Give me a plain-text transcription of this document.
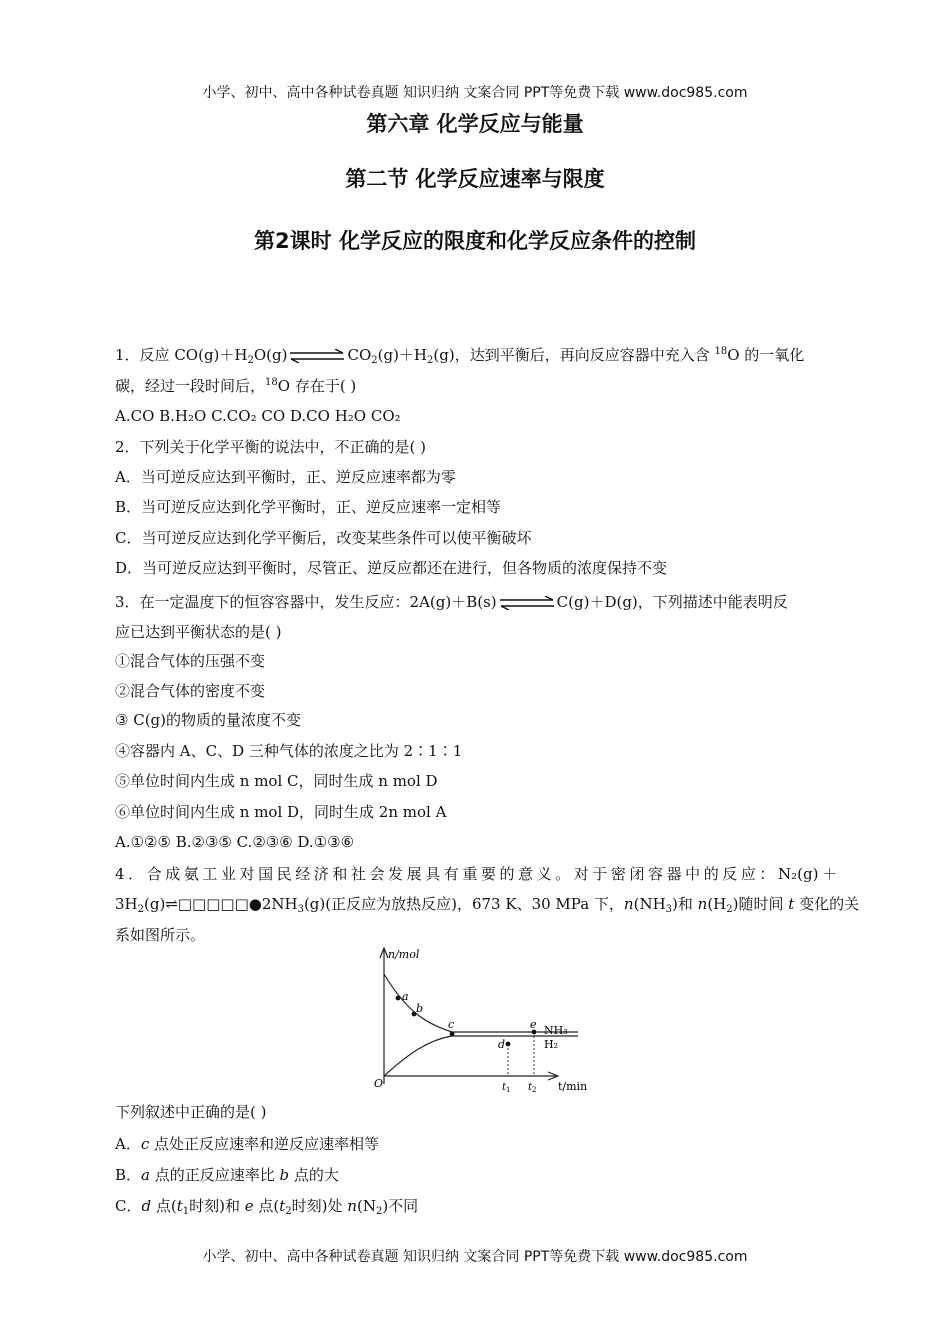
小学、初中、高中各种试卷真题 知识归纳 文案合同 PPT等免费下载 www.doc985.com
第六章 化学反应与能量
第二节 化学反应速率与限度
第2课时 化学反应的限度和化学反应条件的控制
1．反应 $CO(g)+H_2O(g)$ ⇌ $CO_2(g)+H_2(g)$，达到平衡后，再向反应容器中充入含 $^{18}$O 的一氧化
碳，经过一段时间后，$^{18}$O 存在于( )
A.CO B.H₂O C.CO₂ CO D.CO H₂O CO₂
2．下列关于化学平衡的说法中，不正确的是( )
A．当可逆反应达到平衡时，正、逆反应速率都为零
B．当可逆反应达到化学平衡时，正、逆反应速率一定相等
C．当可逆反应达到化学平衡后，改变某些条件可以使平衡破坏
D．当可逆反应达到平衡时，尽管正、逆反应都还在进行，但各物质的浓度保持不变
3．在一定温度下的恒容容器中，发生反应：2A(g)＋B(s) ⇌ C(g)＋D(g)，下列描述中能表明反
应已达到平衡状态的是( )
①混合气体的压强不变
②混合气体的密度不变
③ C(g)的物质的量浓度不变
④容器内 A、C、D 三种气体的浓度之比为 2∶1∶1
⑤单位时间内生成 n mol C，同时生成 n mol D
⑥单位时间内生成 n mol D，同时生成 2n mol A
A.①②⑤ B.②③⑤ C.②③⑥ D.①③⑥
4．合成氨工业对国民经济和社会发展具有重要的意义。对于密闭容器中的反应：N₂(g)＋
$3H_2(g)\rightleftharpoons□□□□□●2NH_3(g)$(正反应为放热反应)，673 K、30 MPa 下，$n(NH_3)$和 $n(H_2)$随时间 t 变化的关
系如图所示。
n/mol
O	t/min
a
b
c
d
e
$t_1$ $t_2$
NH₃
H₂
下列叙述中正确的是( )
A．c 点处正反应速率和逆反应速率相等
B．a 点的正反应速率比 b 点的大
C．d 点($t_1$时刻)和 e 点($t_2$时刻)处 $n(N_2)$不同
小学、初中、高中各种试卷真题 知识归纳 文案合同 PPT等免费下载 www.doc985.com
